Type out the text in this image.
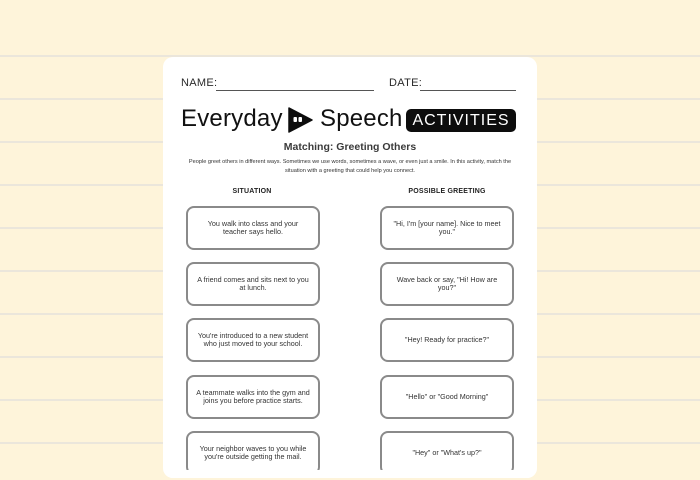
NAME:	DATE:
Everyday Speech ACTIVITIES
Matching: Greeting Others
People greet others in different ways. Sometimes we use words, sometimes a wave, or even just a smile. In this activity, match the situation with a greeting that could help you connect.
SITUATION	POSSIBLE GREETING
You walk into class and your teacher says hello.
A friend comes and sits next to you at lunch.
You're introduced to a new student who just moved to your school.
A teammate walks into the gym and joins you before practice starts.
Your neighbor waves to you while you're outside getting the mail.
"Hi, I'm [your name]. Nice to meet you."
Wave back or say, "Hi! How are you?"
"Hey! Ready for practice?"
"Hello" or "Good Morning"
"Hey" or "What's up?"
